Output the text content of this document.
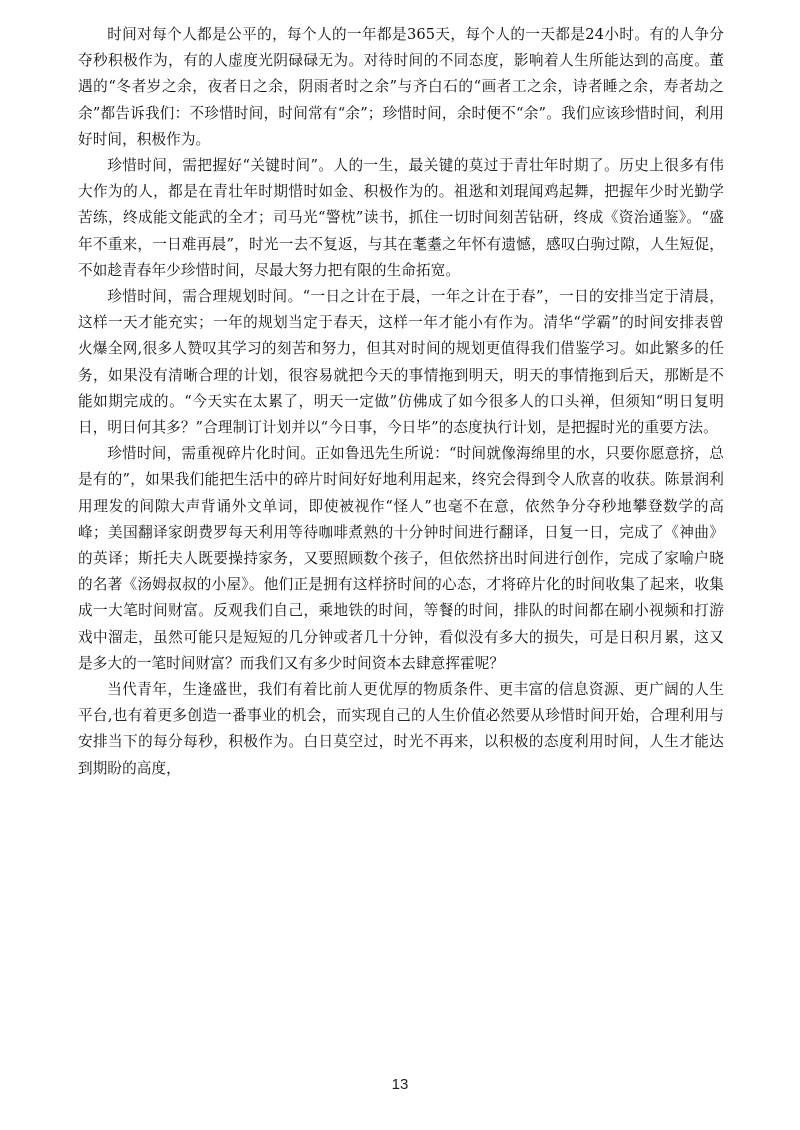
时间对每个人都是公平的，每个人的一年都是365天，每个人的一天都是24小时。有的人争分夺秒积极作为，有的人虚度光阴碌碌无为。对待时间的不同态度，影响着人生所能达到的高度。董遇的“冬者岁之余，夜者日之余，阴雨者时之余”与齐白石的“画者工之余，诗者睡之余，寿者劫之余”都告诉我们：不珍惜时间，时间常有“余”；珍惜时间，余时便不“余”。我们应该珍惜时间，利用好时间，积极作为。

珍惜时间，需把握好“关键时间”。人的一生，最关键的莫过于青壮年时期了。历史上很多有伟大作为的人，都是在青壮年时期惜时如金、积极作为的。祖逖和刘琨闻鸡起舞，把握年少时光勤学苦练，终成能文能武的全才；司马光“警枕”读书，抓住一切时间刻苦钻研，终成《资治通鉴》。“盛年不重来，一日难再晨”，时光一去不复返，与其在耄耋之年怀有遗憾，感叹白驹过隙，人生短促，不如趁青春年少珍惜时间，尽最大努力把有限的生命拓宽。

珍惜时间，需合理规划时间。“一日之计在于晨，一年之计在于春”，一日的安排当定于清晨，这样一天才能充实；一年的规划当定于春天，这样一年才能小有作为。清华“学霸”的时间安排表曾火爆全网,很多人赞叹其学习的刻苦和努力，但其对时间的规划更值得我们借鉴学习。如此繁多的任务，如果没有清晰合理的计划，很容易就把今天的事情拖到明天，明天的事情拖到后天，那断是不能如期完成的。“今天实在太累了，明天一定做”仿佛成了如今很多人的口头禅，但须知“明日复明日，明日何其多？”合理制订计划并以“今日事，今日毕”的态度执行计划，是把握时光的重要方法。

珍惜时间，需重视碎片化时间。正如鲁迅先生所说：“时间就像海绵里的水，只要你愿意挤，总是有的”，如果我们能把生活中的碎片时间好好地利用起来，终究会得到令人欣喜的收获。陈景润利用理发的间隙大声背诵外文单词，即使被视作“怪人”也毫不在意，依然争分夺秒地攀登数学的高峰；美国翻译家朗费罗每天利用等待咖啡煮熟的十分钟时间进行翻译，日复一日，完成了《神曲》的英译；斯托夫人既要操持家务，又要照顾数个孩子，但依然挤出时间进行创作，完成了家喻户晓的名著《汤姆叔叔的小屋》。他们正是拥有这样挤时间的心态，才将碎片化的时间收集了起来，收集成一大笔时间财富。反观我们自己，乘地铁的时间，等餐的时间，排队的时间都在刷小视频和打游戏中溜走，虽然可能只是短短的几分钟或者几十分钟，看似没有多大的损失，可是日积月累，这又是多大的一笔时间财富？而我们又有多少时间资本去肆意挥霍呢？

当代青年，生逢盛世，我们有着比前人更优厚的物质条件、更丰富的信息资源、更广阔的人生平台,也有着更多创造一番事业的机会，而实现自己的人生价值必然要从珍惜时间开始，合理利用与安排当下的每分每秒，积极作为。白日莫空过，时光不再来，以积极的态度利用时间，人生才能达到期盼的高度，

13
